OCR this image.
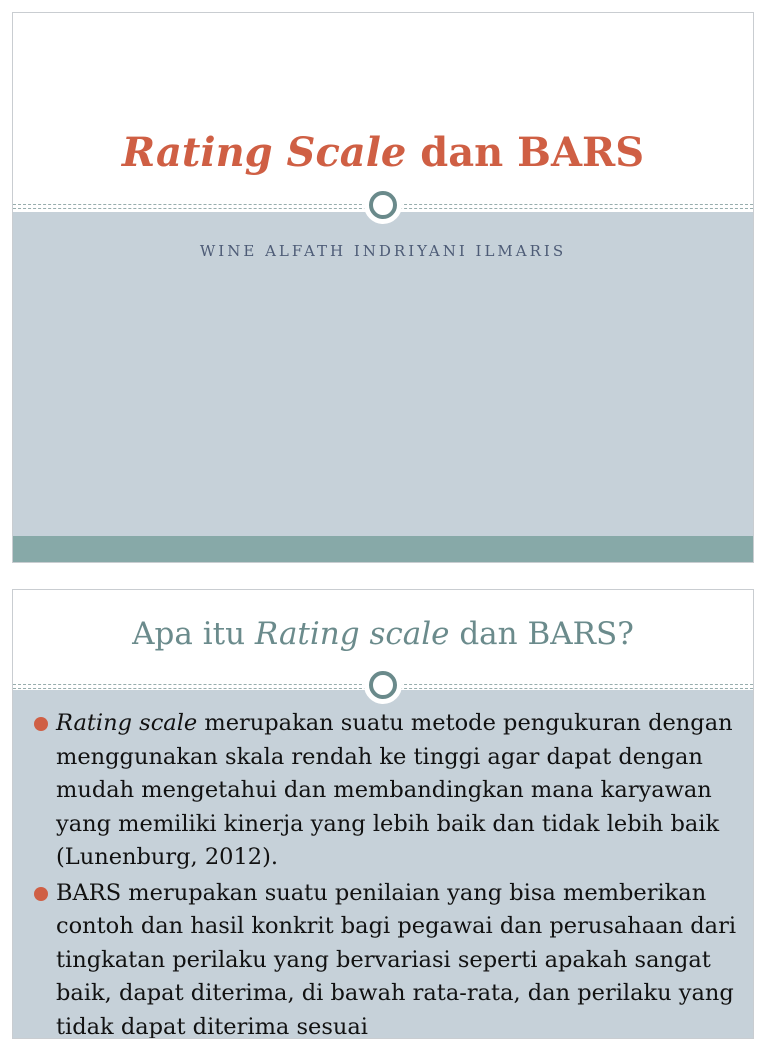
Rating Scale dan BARS
WINE ALFATH INDRIYANI ILMARIS
Apa itu Rating scale dan BARS?
Rating scale merupakan suatu metode pengukuran dengan menggunakan skala rendah ke tinggi agar dapat dengan mudah mengetahui dan membandingkan mana karyawan yang memiliki kinerja yang lebih baik dan tidak lebih baik (Lunenburg, 2012).
BARS merupakan suatu penilaian yang bisa memberikan contoh dan hasil konkrit bagi pegawai dan perusahaan dari tingkatan perilaku yang bervariasi seperti apakah sangat baik, dapat diterima, di bawah rata-rata, dan perilaku yang tidak dapat diterima sesuai
